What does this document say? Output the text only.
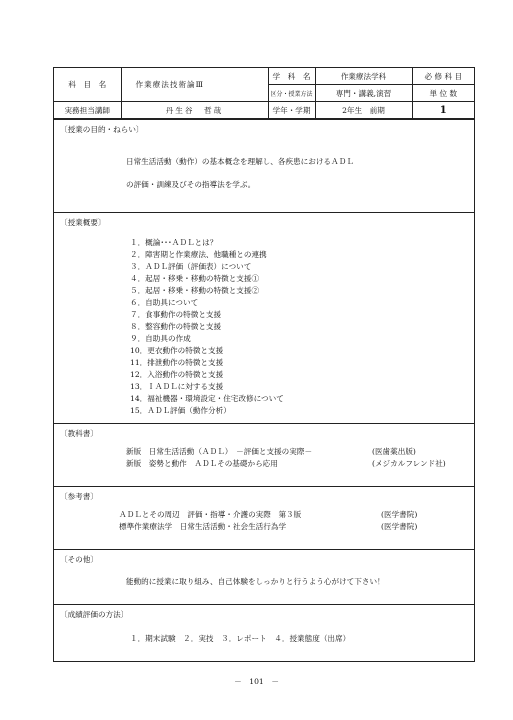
科　目　名	作業療法技術論Ⅲ	学　科　名	作業療法学科	必 修 科 目
		区分・授業方法	専門・講義,演習	単 位 数
実務担当講師	丹生谷　哲哉	学年・学期	2年生　前期	1
〔授業の目的・ねらい〕
日常生活活動（動作）の基本概念を理解し、各疾患におけるＡＤＬ
の評価・訓練及びその指導法を学ぶ。
〔授業概要〕
１．概論･･･ＡＤＬとは？
２．障害期と作業療法、他職種との連携
３．ＡＤＬ評価（評価表）について
４．起居・移乗・移動の特徴と支援①
５．起居・移乗・移動の特徴と支援②
６．自助具について
７．食事動作の特徴と支援
８．整容動作の特徴と支援
９．自助具の作成
10．更衣動作の特徴と支援
11．排泄動作の特徴と支援
12．入浴動作の特徴と支援
13．ＩＡＤＬに対する支援
14．福祉機器・環境設定・住宅改修について
15．ＡＤＬ評価（動作分析）
〔教科書〕
新版　日常生活活動（ＡＤＬ）　－評価と支援の実際－	(医歯薬出版)
新版　姿勢と動作　ＡＤＬその基礎から応用	(メジカルフレンド社)
〔参考書〕
ＡＤＬとその周辺　評価・指導・介護の実際　第３版	(医学書院)
標準作業療法学　日常生活活動・社会生活行為学	(医学書院)
〔その他〕
能動的に授業に取り組み、自己体験をしっかりと行うよう心がけて下さい！
〔成績評価の方法〕
１．期末試験　２．実技　３．レポート　４．授業態度（出席）
－　101　－
